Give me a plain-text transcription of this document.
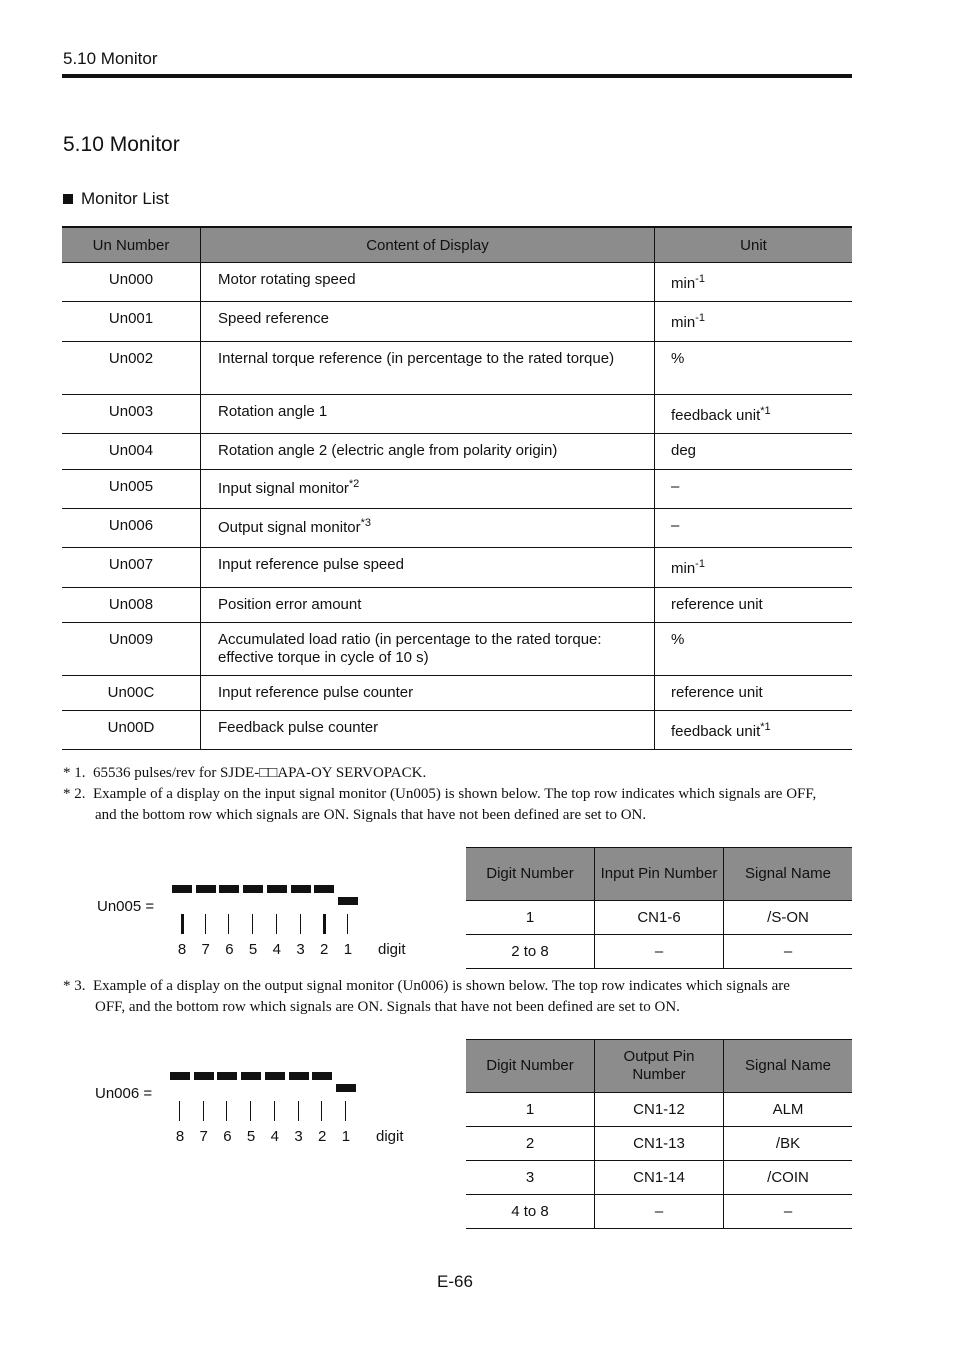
5.10 Monitor
5.10 Monitor
Monitor List
Un Number	Content of Display	Unit
Un000	Motor rotating speed	$\min^{-1}$
Un001	Speed reference	$\min^{-1}$
Un002	Internal torque reference (in percentage to the rated torque)	%
Un003	Rotation angle 1	feedback unit$^{*1}$
Un004	Rotation angle 2 (electric angle from polarity origin)	deg
Un005	Input signal monitor$^{*2}$	–
Un006	Output signal monitor$^{*3}$	–
Un007	Input reference pulse speed	$\min^{-1}$
Un008	Position error amount	reference unit
Un009	Accumulated load ratio (in percentage to the rated torque: effective torque in cycle of 10 s)	%
Un00C	Input reference pulse counter	reference unit
Un00D	Feedback pulse counter	feedback unit$^{*1}$
* 1. 65536 pulses/rev for SJDE-□□APA-OY SERVOPACK.
* 2. Example of a display on the input signal monitor (Un005) is shown below. The top row indicates which signals are OFF,
and the bottom row which signals are ON. Signals that have not been defined are set to ON.
Un005 =
8	7	6	5	4	3	2	1	digit
Digit Number	Input Pin Number	Signal Name
1	CN1-6	/S-ON
2 to 8	–	–
* 3. Example of a display on the output signal monitor (Un006) is shown below. The top row indicates which signals are
OFF, and the bottom row which signals are ON. Signals that have not been defined are set to ON.
Un006 =
8	7	6	5	4	3	2	1	digit
Digit Number	Output Pin Number	Signal Name
1	CN1-12	ALM
2	CN1-13	/BK
3	CN1-14	/COIN
4 to 8	–	–
E-66
